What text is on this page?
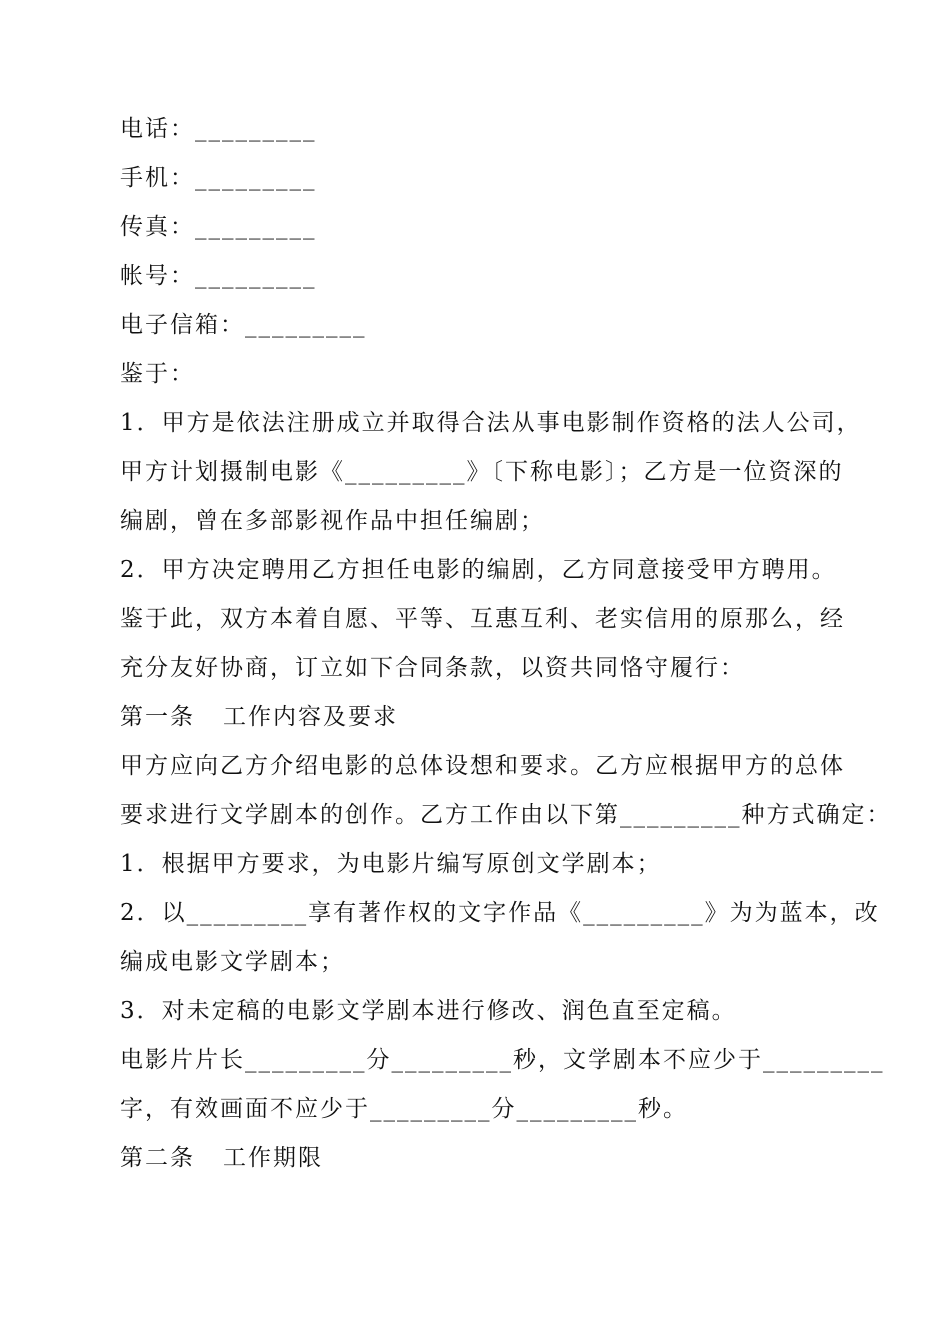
电话：_________
手机：_________
传真：_________
帐号：_________
电子信箱：_________
鉴于：
1．甲方是依法注册成立并取得合法从事电影制作资格的法人公司，
甲方计划摄制电影《_________》〔下称电影〕；乙方是一位资深的
编剧，曾在多部影视作品中担任编剧；
2．甲方决定聘用乙方担任电影的编剧，乙方同意接受甲方聘用。
鉴于此，双方本着自愿、平等、互惠互利、老实信用的原那么，经
充分友好协商，订立如下合同条款，以资共同恪守履行：
第一条 工作内容及要求
甲方应向乙方介绍电影的总体设想和要求。乙方应根据甲方的总体
要求进行文学剧本的创作。乙方工作由以下第_________种方式确定：
1．根据甲方要求，为电影片编写原创文学剧本；
2．以_________享有著作权的文字作品《_________》为为蓝本，改
编成电影文学剧本；
3．对未定稿的电影文学剧本进行修改、润色直至定稿。
电影片片长_________分_________秒，文学剧本不应少于_________
字，有效画面不应少于_________分_________秒。
第二条 工作期限
